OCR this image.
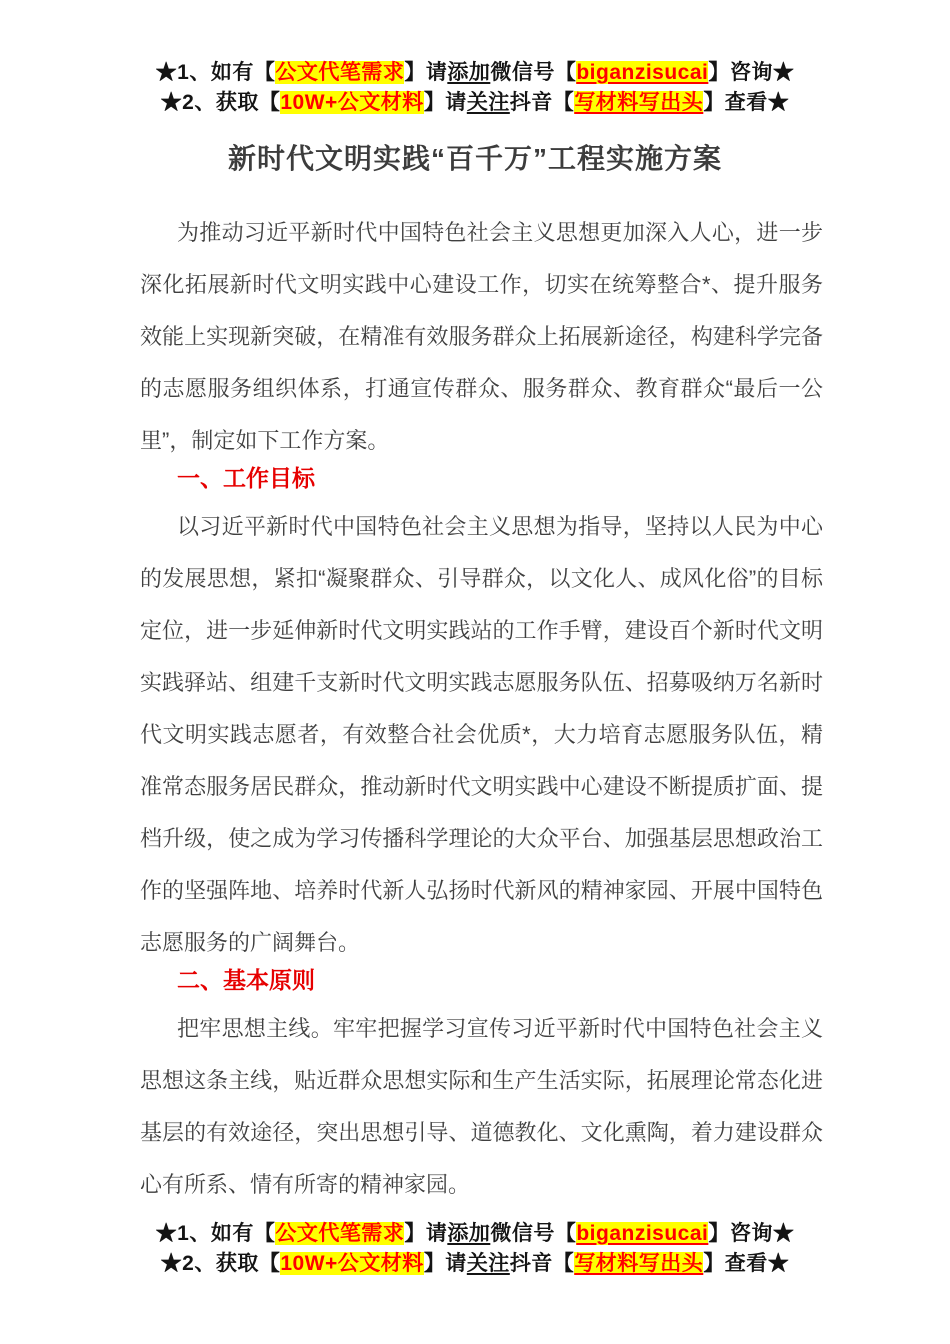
★1、如有【公文代笔需求】请添加微信号【biganzisucai】咨询★
★2、获取【10W+公文材料】请关注抖音【写材料写出头】查看★
新时代文明实践“百千万”工程实施方案

为推动习近平新时代中国特色社会主义思想更加深入人心，进一步深化拓展新时代文明实践中心建设工作，切实在统筹整合*、提升服务效能上实现新突破，在精准有效服务群众上拓展新途径，构建科学完备的志愿服务组织体系，打通宣传群众、服务群众、教育群众“最后一公里”，制定如下工作方案。

一、工作目标

以习近平新时代中国特色社会主义思想为指导，坚持以人民为中心的发展思想，紧扣“凝聚群众、引导群众，以文化人、成风化俗”的目标定位，进一步延伸新时代文明实践站的工作手臂，建设百个新时代文明实践驿站、组建千支新时代文明实践志愿服务队伍、招募吸纳万名新时代文明实践志愿者，有效整合社会优质*，大力培育志愿服务队伍，精准常态服务居民群众，推动新时代文明实践中心建设不断提质扩面、提档升级，使之成为学习传播科学理论的大众平台、加强基层思想政治工作的坚强阵地、培养时代新人弘扬时代新风的精神家园、开展中国特色志愿服务的广阔舞台。

二、基本原则

把牢思想主线。牢牢把握学习宣传习近平新时代中国特色社会主义思想这条主线，贴近群众思想实际和生产生活实际，拓展理论常态化进基层的有效途径，突出思想引导、道德教化、文化熏陶，着力建设群众心有所系、情有所寄的精神家园。

★1、如有【公文代笔需求】请添加微信号【biganzisucai】咨询★
★2、获取【10W+公文材料】请关注抖音【写材料写出头】查看★
